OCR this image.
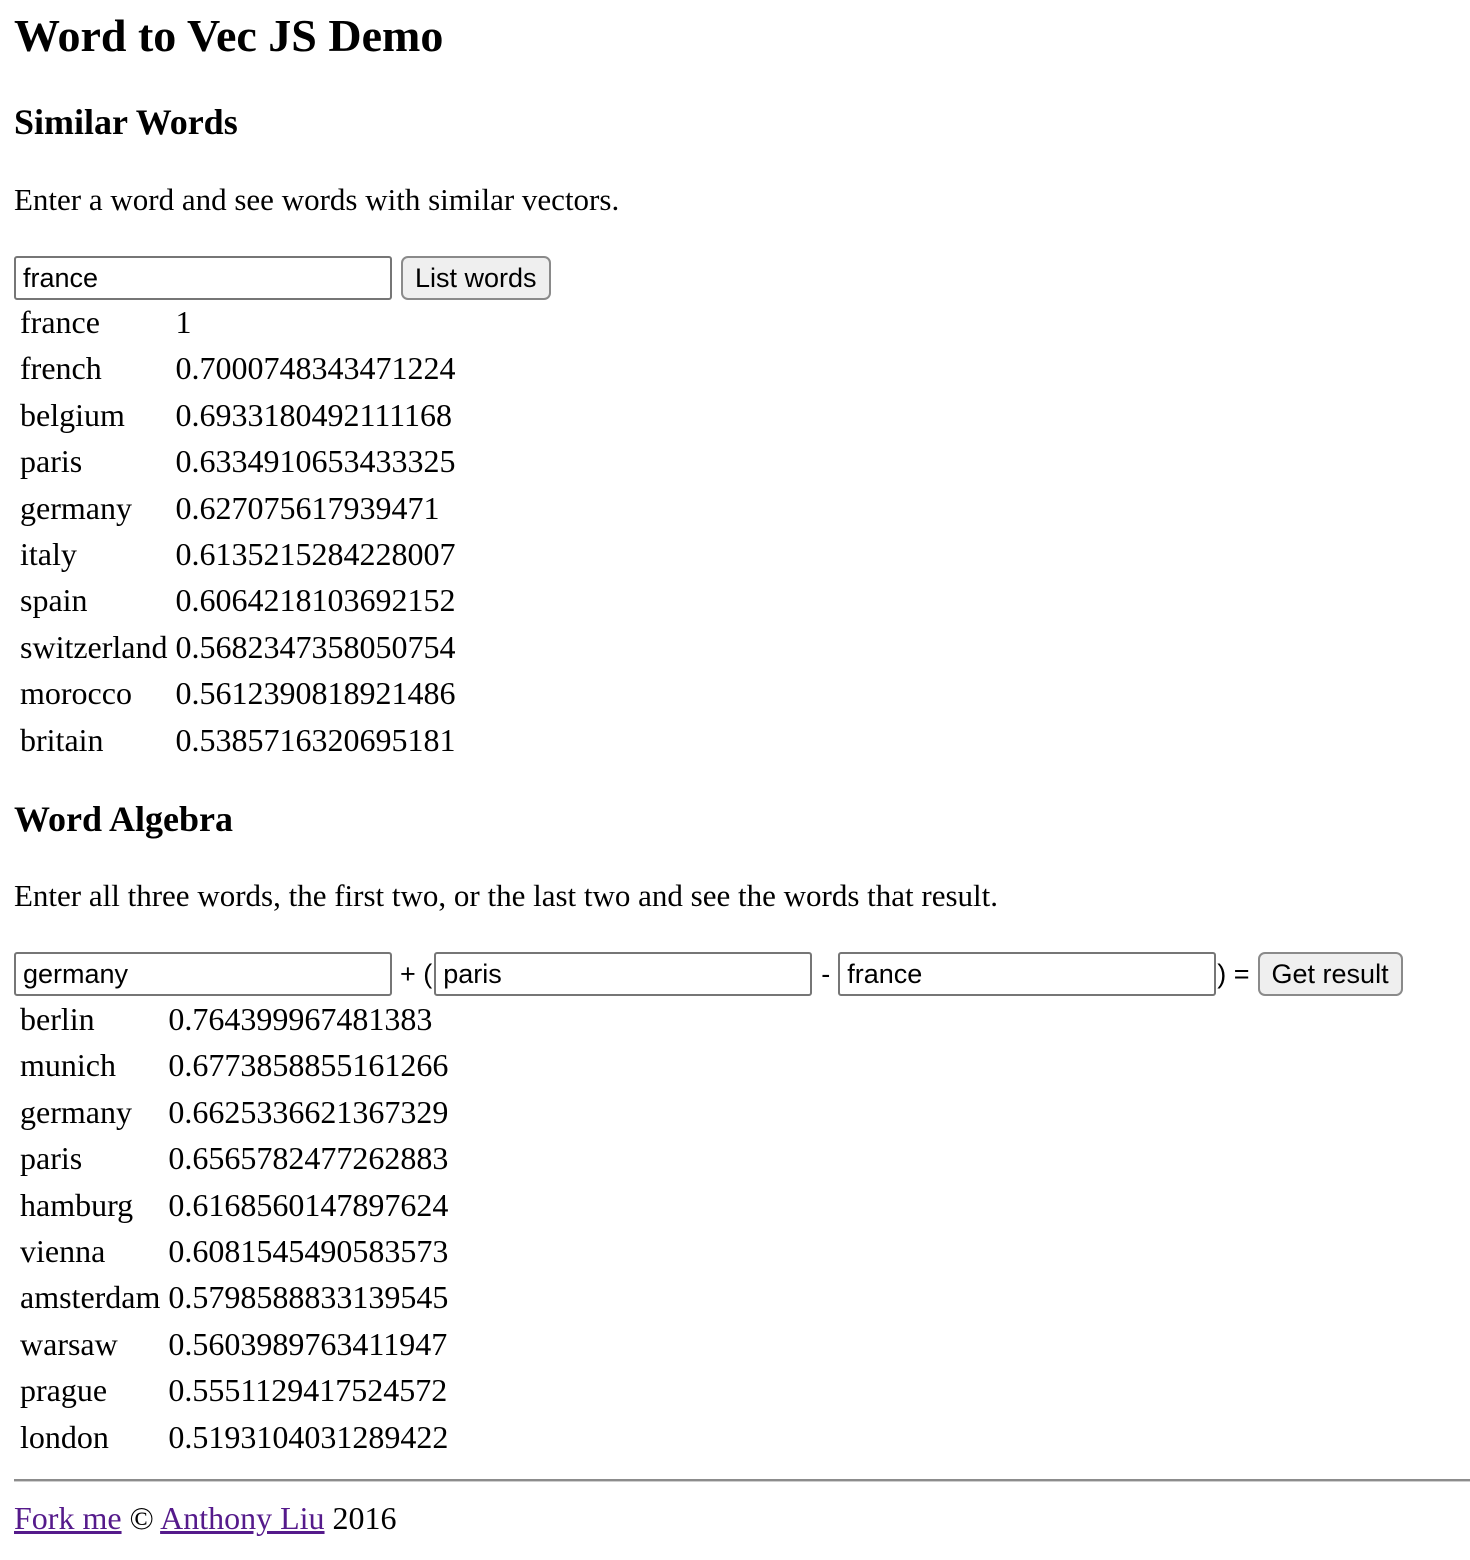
Word to Vec JS Demo
Similar Words

Enter a word and see words with similar vectors.

france
List words
france	1
french	0.7000748343471224
belgium	0.6933180492111168
paris	0.6334910653433325
germany	0.627075617939471
italy	0.6135215284228007
spain	0.6064218103692152
switzerland	0.5682347358050754
morocco	0.5612390818921486
britain	0.5385716320695181
Word Algebra

Enter all three words, the first two, or the last two and see the words that result.

germany
+ (
paris	-
france	) = Get result
berlin	0.764399967481383
munich	0.6773858855161266
germany	0.6625336621367329
paris	0.6565782477262883
hamburg	0.6168560147897624
vienna	0.6081545490583573
amsterdam	0.5798588833139545
warsaw	0.5603989763411947
prague	0.5551129417524572
london	0.5193104031289422
Fork me © Anthony Liu 2016
